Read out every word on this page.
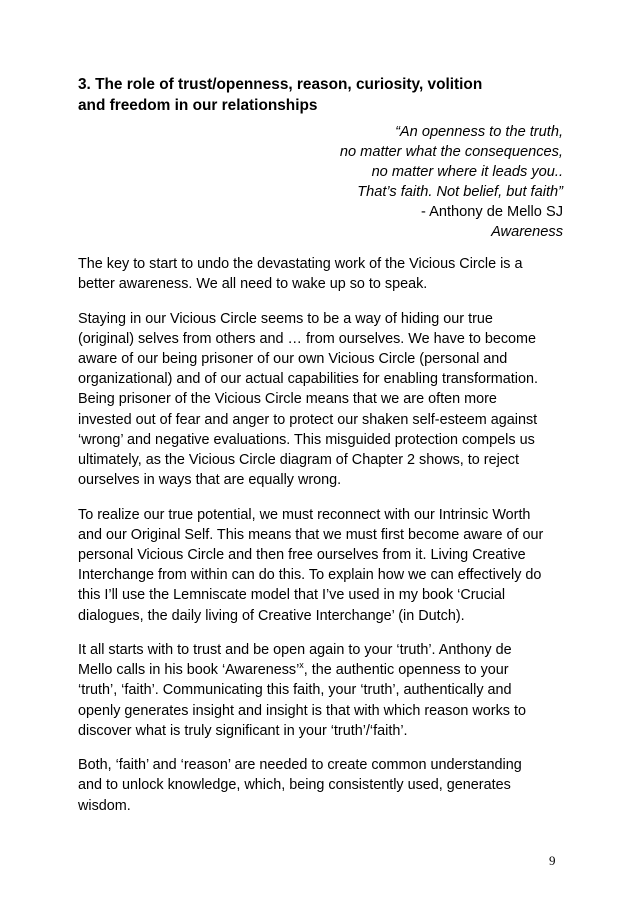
3. The role of trust/openness, reason, curiosity, volition
and freedom in our relationships
“An openness to the truth,
no matter what the consequences,
no matter where it leads you..
That’s faith. Not belief, but faith”
- Anthony de Mello SJ
Awareness

The key to start to undo the devastating work of the Vicious Circle is a
better awareness. We all need to wake up so to speak.

Staying in our Vicious Circle seems to be a way of hiding our true
(original) selves from others and … from ourselves. We have to become
aware of our being prisoner of our own Vicious Circle (personal and
organizational) and of our actual capabilities for enabling transformation.
Being prisoner of the Vicious Circle means that we are often more
invested out of fear and anger to protect our shaken self-esteem against
‘wrong’ and negative evaluations. This misguided protection compels us
ultimately, as the Vicious Circle diagram of Chapter 2 shows, to reject
ourselves in ways that are equally wrong.

To realize our true potential, we must reconnect with our Intrinsic Worth
and our Original Self. This means that we must first become aware of our
personal Vicious Circle and then free ourselves from it. Living Creative
Interchange from within can do this. To explain how we can effectively do
this I’ll use the Lemniscate model that I’ve used in my book ‘Crucial
dialogues, the daily living of Creative Interchange’ (in Dutch).

It all starts with to trust and be open again to your ‘truth’. Anthony de
Mello calls in his book ‘Awareness’$^x$, the authentic openness to your
‘truth’, ‘faith’. Communicating this faith, your ‘truth’, authentically and
openly generates insight and insight is that with which reason works to
discover what is truly significant in your ‘truth’/‘faith’.

Both, ‘faith’ and ‘reason’ are needed to create common understanding
and to unlock knowledge, which, being consistently used, generates
wisdom.

9
